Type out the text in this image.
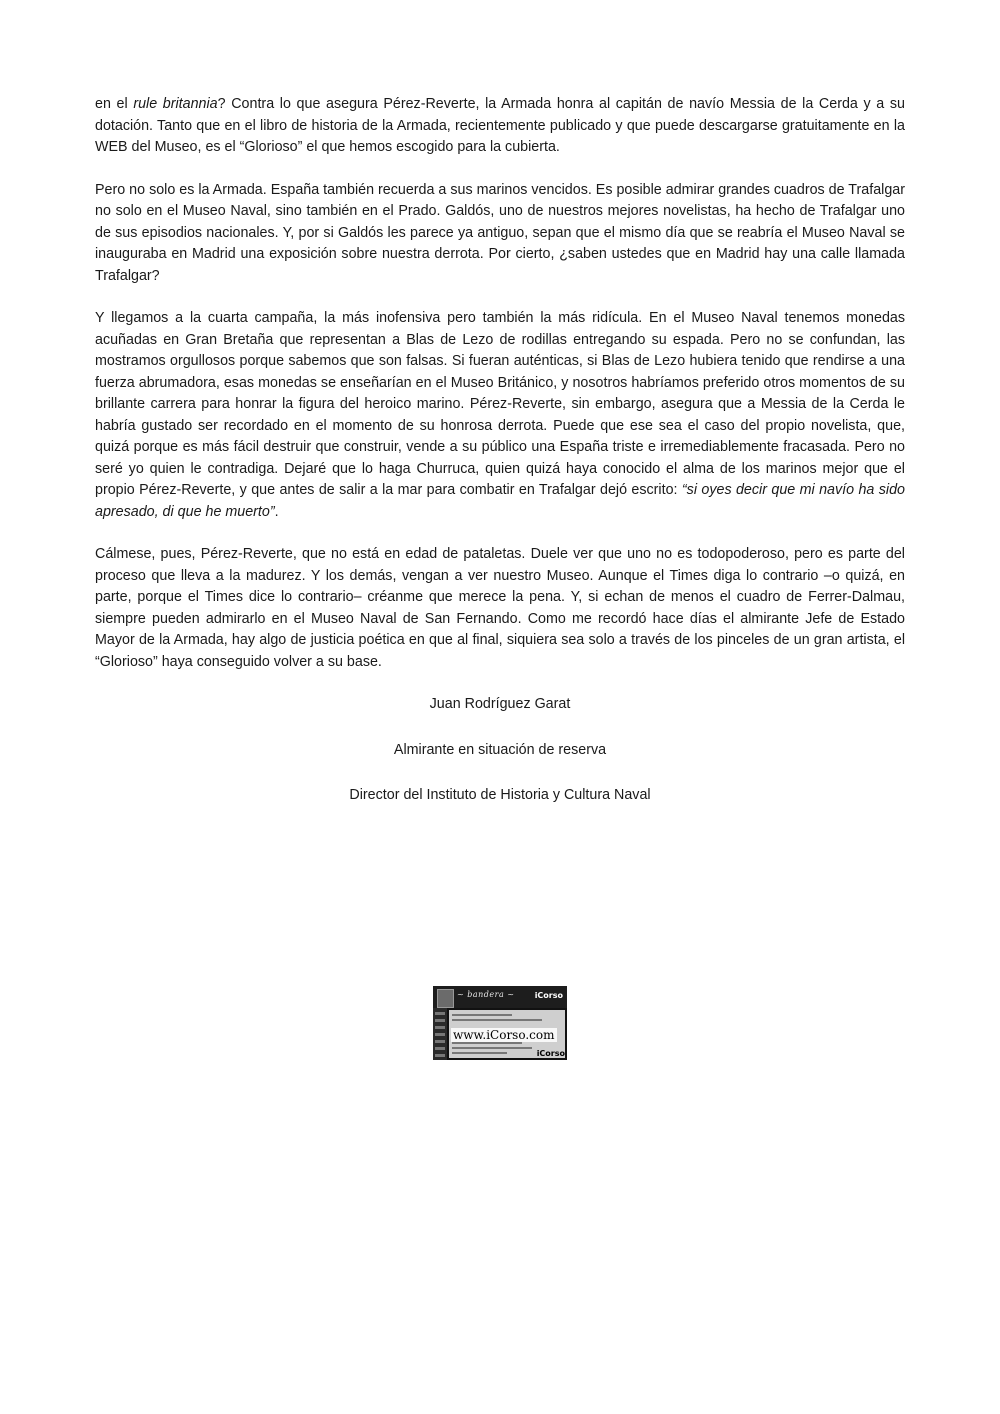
en el rule britannia? Contra lo que asegura Pérez-Reverte, la Armada honra al capitán de navío Messia de la Cerda y a su dotación. Tanto que en el libro de historia de la Armada, recientemente publicado y que puede descargarse gratuitamente en la WEB del Museo, es el “Glorioso” el que hemos escogido para la cubierta.

Pero no solo es la Armada. España también recuerda a sus marinos vencidos. Es posible admirar grandes cuadros de Trafalgar no solo en el Museo Naval, sino también en el Prado. Galdós, uno de nuestros mejores novelistas, ha hecho de Trafalgar uno de sus episodios nacionales. Y, por si Galdós les parece ya antiguo, sepan que el mismo día que se reabría el Museo Naval se inauguraba en Madrid una exposición sobre nuestra derrota. Por cierto, ¿saben ustedes que en Madrid hay una calle llamada Trafalgar?

Y llegamos a la cuarta campaña, la más inofensiva pero también la más ridícula. En el Museo Naval tenemos monedas acuñadas en Gran Bretaña que representan a Blas de Lezo de rodillas entregando su espada. Pero no se confundan, las mostramos orgullosos porque sabemos que son falsas. Si fueran auténticas, si Blas de Lezo hubiera tenido que rendirse a una fuerza abrumadora, esas monedas se enseñarían en el Museo Británico, y nosotros habríamos preferido otros momentos de su brillante carrera para honrar la figura del heroico marino. Pérez-Reverte, sin embargo, asegura que a Messia de la Cerda le habría gustado ser recordado en el momento de su honrosa derrota. Puede que ese sea el caso del propio novelista, que, quizá porque es más fácil destruir que construir, vende a su público una España triste e irremediablemente fracasada. Pero no seré yo quien le contradiga. Dejaré que lo haga Churruca, quien quizá haya conocido el alma de los marinos mejor que el propio Pérez-Reverte, y que antes de salir a la mar para combatir en Trafalgar dejó escrito: “si oyes decir que mi navío ha sido apresado, di que he muerto”.

Cálmese, pues, Pérez-Reverte, que no está en edad de pataletas. Duele ver que uno no es todopoderoso, pero es parte del proceso que lleva a la madurez. Y los demás, vengan a ver nuestro Museo. Aunque el Times diga lo contrario –o quizá, en parte, porque el Times dice lo contrario– créanme que merece la pena. Y, si echan de menos el cuadro de Ferrer-Dalmau, siempre pueden admirarlo en el Museo Naval de San Fernando. Como me recordó hace días el almirante Jefe de Estado Mayor de la Armada, hay algo de justicia poética en que al final, siquiera sea solo a través de los pinceles de un gran artista, el “Glorioso” haya conseguido volver a su base.

Juan Rodríguez Garat
Almirante en situación de reserva
Director del Instituto de Historia y Cultura Naval
~ bandera ~	iCorso
www.iCorso.com
iCorso
